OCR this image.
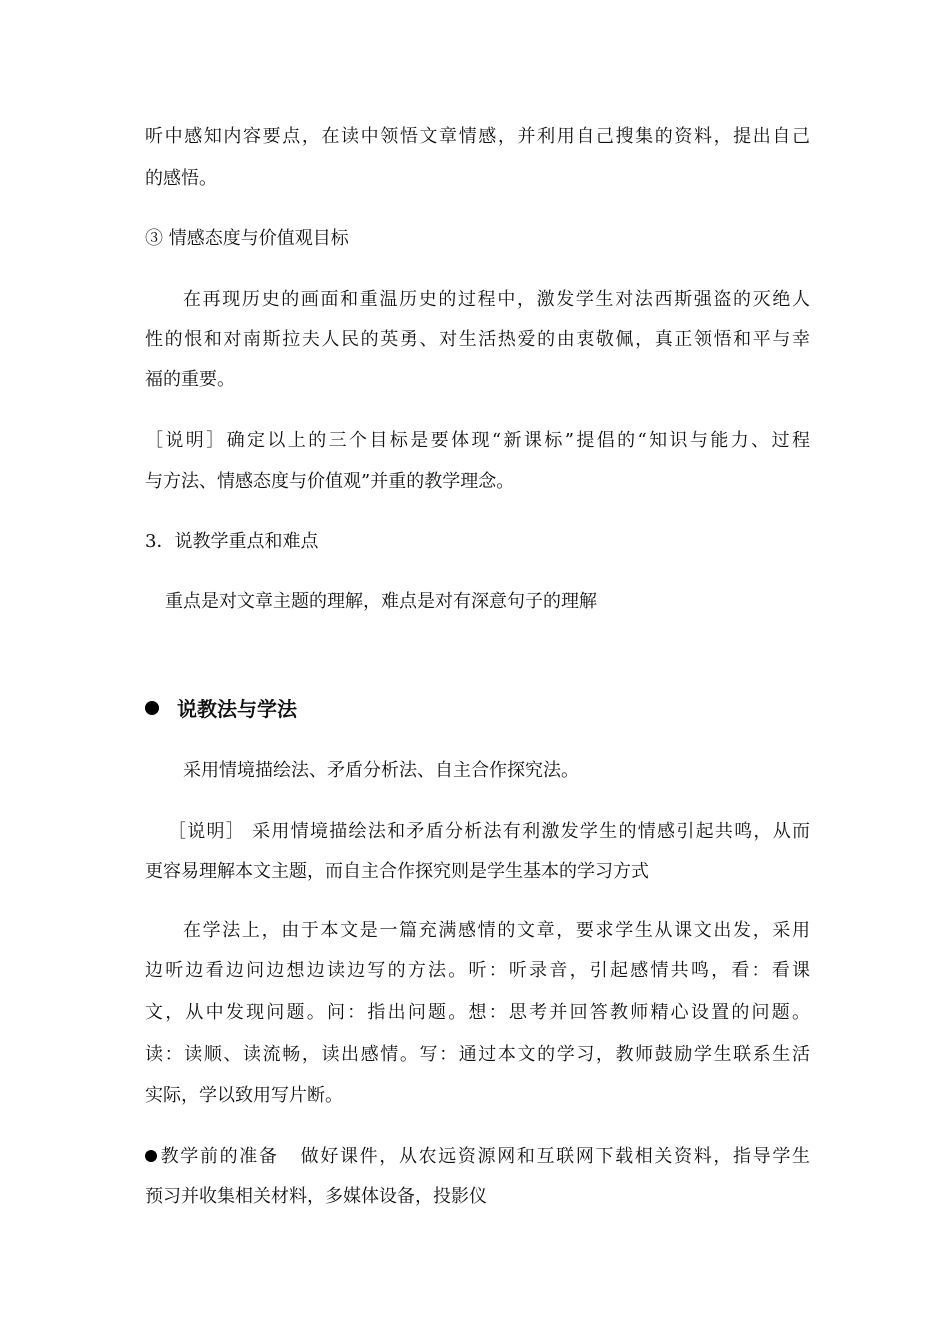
听中感知内容要点，在读中领悟文章情感，并利用自己搜集的资料，提出自己
的感悟。
③ 情感态度与价值观目标
在再现历史的画面和重温历史的过程中，激发学生对法西斯强盗的灭绝人
性的恨和对南斯拉夫人民的英勇、对生活热爱的由衷敬佩，真正领悟和平与幸
福的重要。
［说明］确定以上的三个目标是要体现“新课标”提倡的“知识与能力、过程
与方法、情感态度与价值观”并重的教学理念。
3．说教学重点和难点
重点是对文章主题的理解，难点是对有深意句子的理解
说教法与学法
采用情境描绘法、矛盾分析法、自主合作探究法。
［说明］ 采用情境描绘法和矛盾分析法有利激发学生的情感引起共鸣，从而
更容易理解本文主题，而自主合作探究则是学生基本的学习方式
在学法上，由于本文是一篇充满感情的文章，要求学生从课文出发，采用
边听边看边问边想边读边写的方法。听：听录音，引起感情共鸣，看：看课
文，从中发现问题。问：指出问题。想：思考并回答教师精心设置的问题。
读：读顺、读流畅，读出感情。写：通过本文的学习，教师鼓励学生联系生活
实际，学以致用写片断。
教学前的准备   做好课件，从农远资源网和互联网下载相关资料，指导学生
预习并收集相关材料，多媒体设备，投影仪
